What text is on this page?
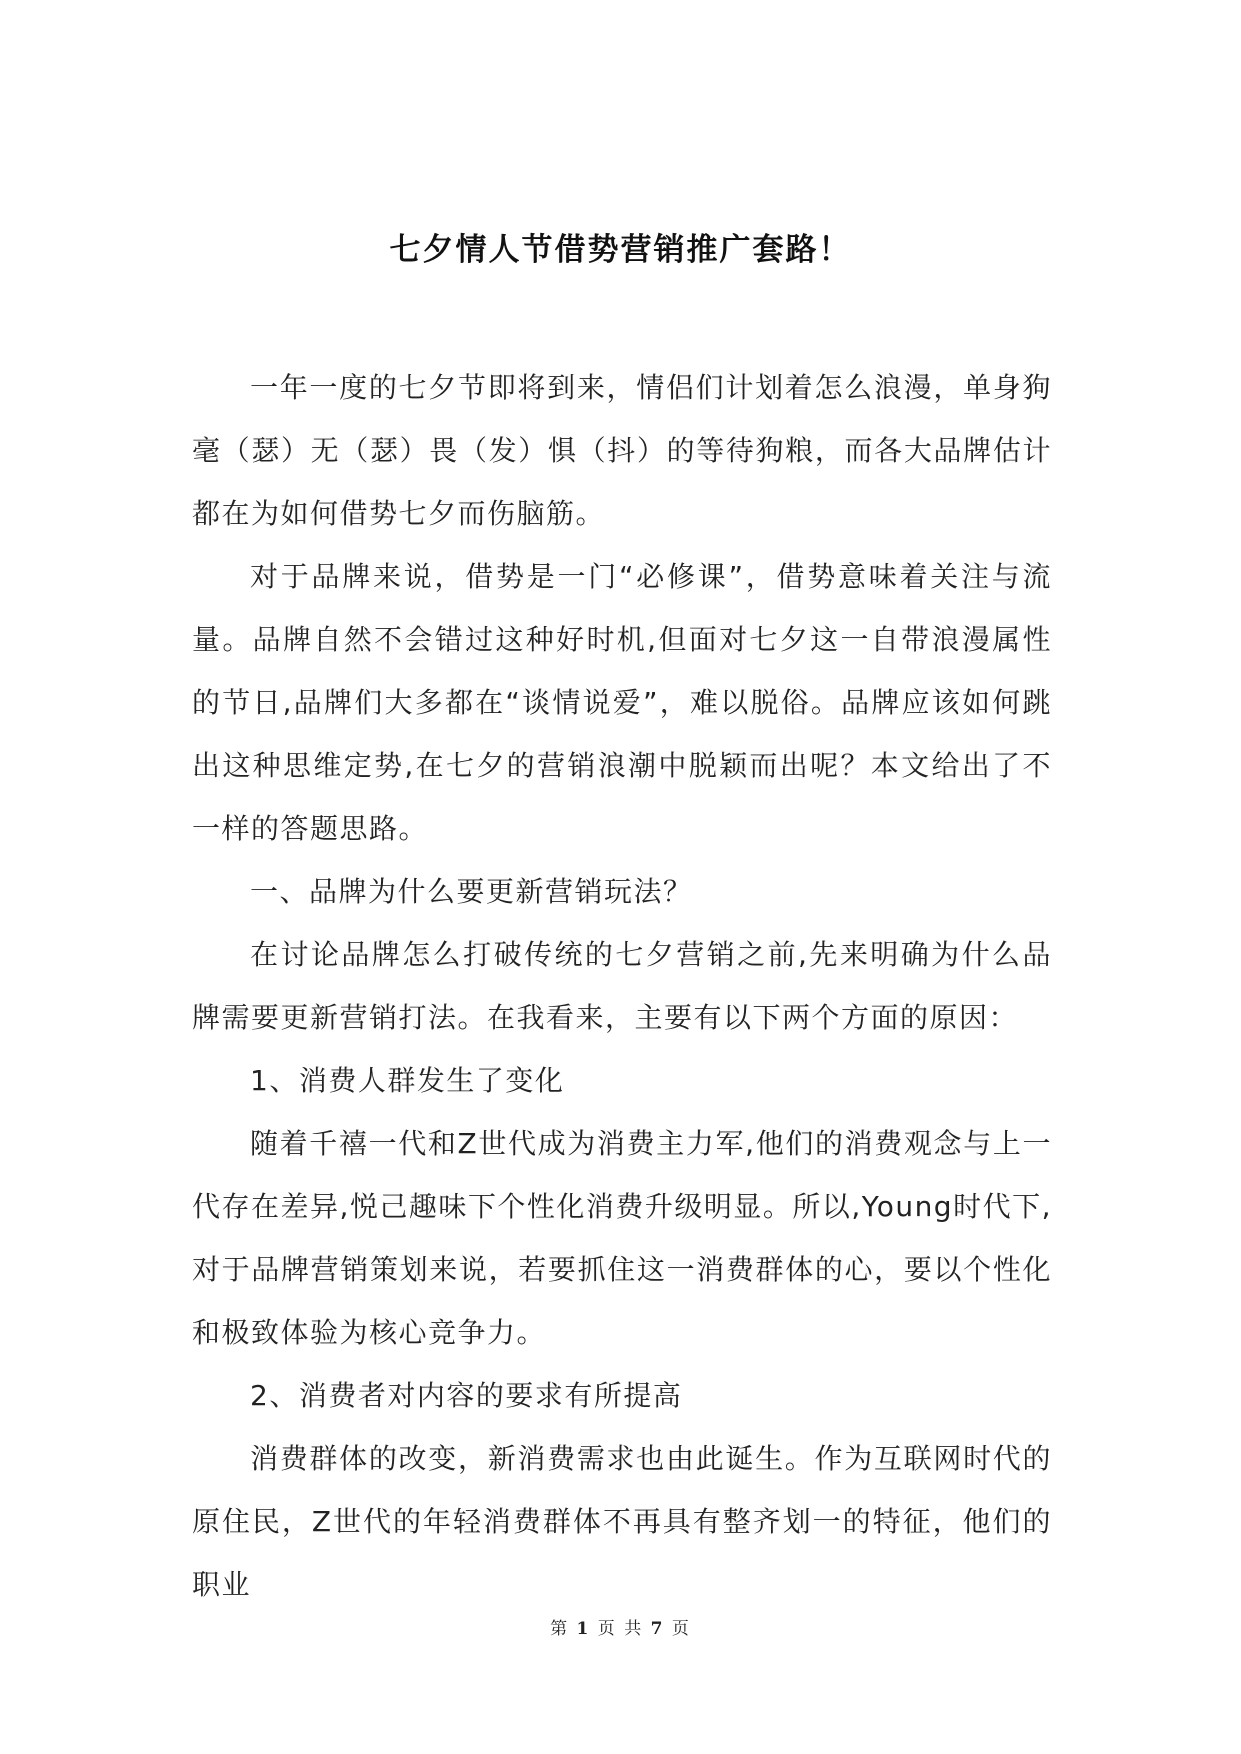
七夕情人节借势营销推广套路！

一年一度的七夕节即将到来，情侣们计划着怎么浪漫，单身狗毫（瑟）无（瑟）畏（发）惧（抖）的等待狗粮，而各大品牌估计都在为如何借势七夕而伤脑筋。

对于品牌来说，借势是一门“必修课”，借势意味着关注与流量。品牌自然不会错过这种好时机,但面对七夕这一自带浪漫属性的节日,品牌们大多都在“谈情说爱”，难以脱俗。品牌应该如何跳出这种思维定势,在七夕的营销浪潮中脱颖而出呢？本文给出了不一样的答题思路。

一、品牌为什么要更新营销玩法？

在讨论品牌怎么打破传统的七夕营销之前,先来明确为什么品牌需要更新营销打法。在我看来，主要有以下两个方面的原因：

1、消费人群发生了变化

随着千禧一代和Z世代成为消费主力军,他们的消费观念与上一代存在差异,悦己趣味下个性化消费升级明显。所以,Young时代下,对于品牌营销策划来说，若要抓住这一消费群体的心，要以个性化和极致体验为核心竞争力。

2、消费者对内容的要求有所提高

消费群体的改变，新消费需求也由此诞生。作为互联网时代的原住民，Z世代的年轻消费群体不再具有整齐划一的特征，他们的职业

第 1 页 共 7 页
